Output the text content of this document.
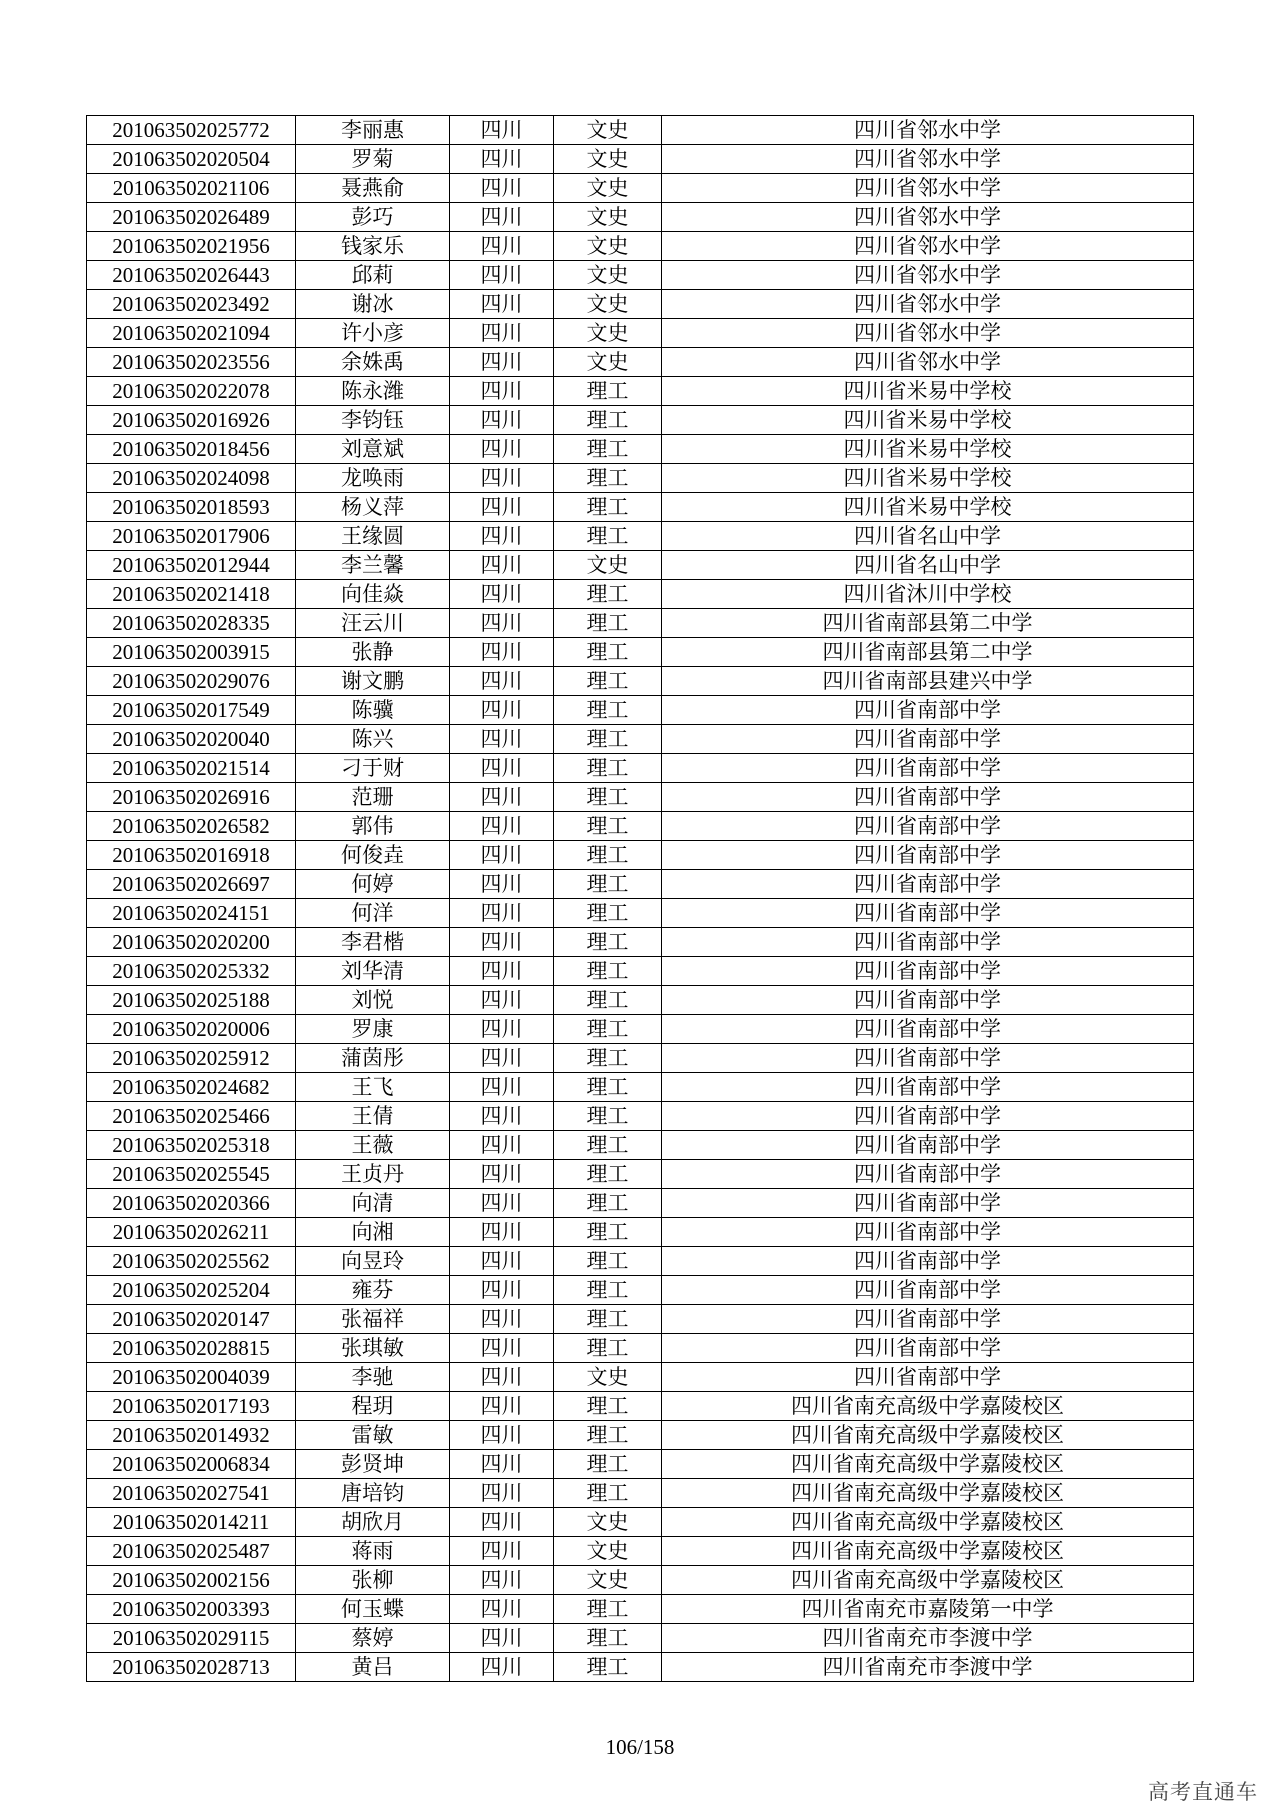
201063502025772	李丽惠	四川	文史	四川省邻水中学
201063502020504	罗菊	四川	文史	四川省邻水中学
201063502021106	聂燕俞	四川	文史	四川省邻水中学
201063502026489	彭巧	四川	文史	四川省邻水中学
201063502021956	钱家乐	四川	文史	四川省邻水中学
201063502026443	邱莉	四川	文史	四川省邻水中学
201063502023492	谢冰	四川	文史	四川省邻水中学
201063502021094	许小彦	四川	文史	四川省邻水中学
201063502023556	余姝禹	四川	文史	四川省邻水中学
201063502022078	陈永潍	四川	理工	四川省米易中学校
201063502016926	李钧钰	四川	理工	四川省米易中学校
201063502018456	刘意斌	四川	理工	四川省米易中学校
201063502024098	龙唤雨	四川	理工	四川省米易中学校
201063502018593	杨义萍	四川	理工	四川省米易中学校
201063502017906	王缘圆	四川	理工	四川省名山中学
201063502012944	李兰馨	四川	文史	四川省名山中学
201063502021418	向佳焱	四川	理工	四川省沐川中学校
201063502028335	汪云川	四川	理工	四川省南部县第二中学
201063502003915	张静	四川	理工	四川省南部县第二中学
201063502029076	谢文鹏	四川	理工	四川省南部县建兴中学
201063502017549	陈骥	四川	理工	四川省南部中学
201063502020040	陈兴	四川	理工	四川省南部中学
201063502021514	刁于财	四川	理工	四川省南部中学
201063502026916	范珊	四川	理工	四川省南部中学
201063502026582	郭伟	四川	理工	四川省南部中学
201063502016918	何俊垚	四川	理工	四川省南部中学
201063502026697	何婷	四川	理工	四川省南部中学
201063502024151	何洋	四川	理工	四川省南部中学
201063502020200	李君楷	四川	理工	四川省南部中学
201063502025332	刘华清	四川	理工	四川省南部中学
201063502025188	刘悦	四川	理工	四川省南部中学
201063502020006	罗康	四川	理工	四川省南部中学
201063502025912	蒲茵彤	四川	理工	四川省南部中学
201063502024682	王飞	四川	理工	四川省南部中学
201063502025466	王倩	四川	理工	四川省南部中学
201063502025318	王薇	四川	理工	四川省南部中学
201063502025545	王贞丹	四川	理工	四川省南部中学
201063502020366	向清	四川	理工	四川省南部中学
201063502026211	向湘	四川	理工	四川省南部中学
201063502025562	向昱玲	四川	理工	四川省南部中学
201063502025204	雍芬	四川	理工	四川省南部中学
201063502020147	张福祥	四川	理工	四川省南部中学
201063502028815	张琪敏	四川	理工	四川省南部中学
201063502004039	李驰	四川	文史	四川省南部中学
201063502017193	程玥	四川	理工	四川省南充高级中学嘉陵校区
201063502014932	雷敏	四川	理工	四川省南充高级中学嘉陵校区
201063502006834	彭贤坤	四川	理工	四川省南充高级中学嘉陵校区
201063502027541	唐培钧	四川	理工	四川省南充高级中学嘉陵校区
201063502014211	胡欣月	四川	文史	四川省南充高级中学嘉陵校区
201063502025487	蒋雨	四川	文史	四川省南充高级中学嘉陵校区
201063502002156	张柳	四川	文史	四川省南充高级中学嘉陵校区
201063502003393	何玉蝶	四川	理工	四川省南充市嘉陵第一中学
201063502029115	蔡婷	四川	理工	四川省南充市李渡中学
201063502028713	黄吕	四川	理工	四川省南充市李渡中学
106/158
高考直通车
